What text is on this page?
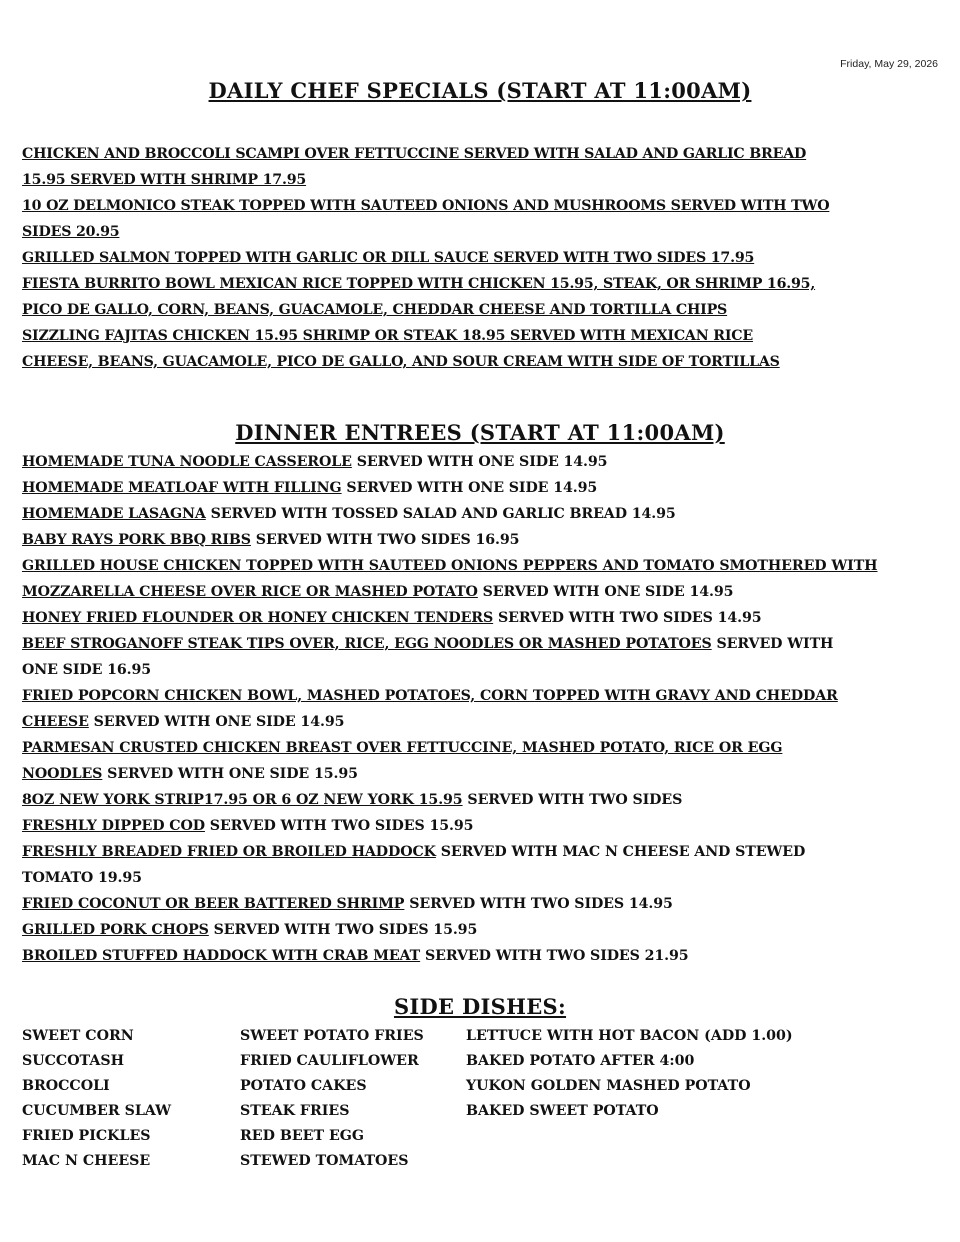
Friday, May 29, 2026
DAILY CHEF SPECIALS (START AT 11:00AM)
CHICKEN AND BROCCOLI SCAMPI OVER FETTUCCINE SERVED WITH SALAD AND GARLIC BREAD
15.95 SERVED WITH SHRIMP 17.95
10 OZ DELMONICO STEAK TOPPED WITH SAUTEED ONIONS AND MUSHROOMS SERVED WITH TWO
SIDES 20.95
GRILLED SALMON TOPPED WITH GARLIC OR DILL SAUCE SERVED WITH TWO SIDES 17.95
FIESTA BURRITO BOWL MEXICAN RICE TOPPED WITH CHICKEN 15.95, STEAK, OR SHRIMP 16.95,
PICO DE GALLO, CORN, BEANS, GUACAMOLE, CHEDDAR CHEESE AND TORTILLA CHIPS
SIZZLING FAJITAS CHICKEN 15.95 SHRIMP OR STEAK 18.95 SERVED WITH MEXICAN RICE
CHEESE, BEANS, GUACAMOLE, PICO DE GALLO, AND SOUR CREAM WITH SIDE OF TORTILLAS
DINNER ENTREES (START AT 11:00AM)
HOMEMADE TUNA NOODLE CASSEROLE SERVED WITH ONE SIDE 14.95
HOMEMADE MEATLOAF WITH FILLING SERVED WITH ONE SIDE 14.95
HOMEMADE LASAGNA SERVED WITH TOSSED SALAD AND GARLIC BREAD 14.95
BABY RAYS PORK BBQ RIBS SERVED WITH TWO SIDES 16.95
GRILLED HOUSE CHICKEN TOPPED WITH SAUTEED ONIONS PEPPERS AND TOMATO SMOTHERED WITH
MOZZARELLA CHEESE OVER RICE OR MASHED POTATO SERVED WITH ONE SIDE 14.95
HONEY FRIED FLOUNDER OR HONEY CHICKEN TENDERS SERVED WITH TWO SIDES 14.95
BEEF STROGANOFF STEAK TIPS OVER, RICE, EGG NOODLES OR MASHED POTATOES SERVED WITH
ONE SIDE 16.95
FRIED POPCORN CHICKEN BOWL, MASHED POTATOES, CORN TOPPED WITH GRAVY AND CHEDDAR
CHEESE SERVED WITH ONE SIDE 14.95
PARMESAN CRUSTED CHICKEN BREAST OVER FETTUCCINE, MASHED POTATO, RICE OR EGG
NOODLES SERVED WITH ONE SIDE 15.95
8OZ NEW YORK STRIP17.95 OR 6 OZ NEW YORK 15.95 SERVED WITH TWO SIDES
FRESHLY DIPPED COD SERVED WITH TWO SIDES 15.95
FRESHLY BREADED FRIED OR BROILED HADDOCK SERVED WITH MAC N CHEESE AND STEWED
TOMATO 19.95
FRIED COCONUT OR BEER BATTERED SHRIMP SERVED WITH TWO SIDES 14.95
GRILLED PORK CHOPS SERVED WITH TWO SIDES 15.95
BROILED STUFFED HADDOCK WITH CRAB MEAT SERVED WITH TWO SIDES 21.95
SIDE DISHES:
SWEET CORN
SUCCOTASH
BROCCOLI
CUCUMBER SLAW
FRIED PICKLES
MAC N CHEESE
SWEET POTATO FRIES
FRIED CAULIFLOWER
POTATO CAKES
STEAK FRIES
RED BEET EGG
STEWED TOMATOES
LETTUCE WITH HOT BACON (ADD 1.00)
BAKED POTATO AFTER 4:00
YUKON GOLDEN MASHED POTATO
BAKED SWEET POTATO
